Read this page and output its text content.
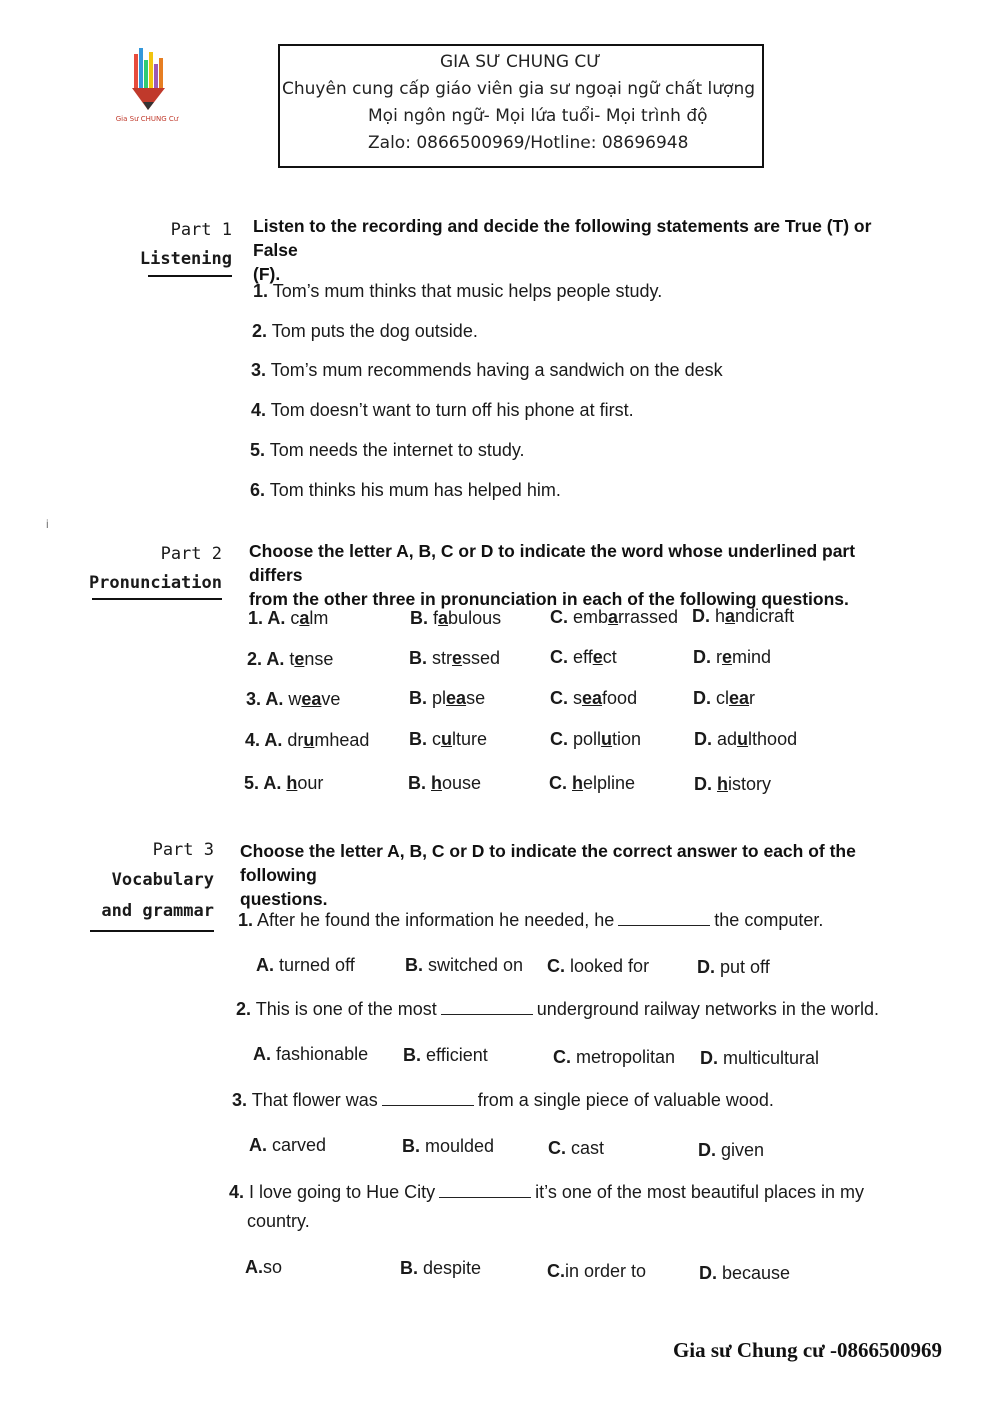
Gia Sư CHUNG Cư
GIA SƯ CHUNG CƯ
Chuyên cung cấp giáo viên gia sư ngoại ngữ chất lượng
Mọi ngôn ngữ- Mọi lứa tuổi- Mọi trình độ
Zalo: 0866500969/Hotline: 08696948
Part 1
Listening
Listen to the recording and decide the following statements are True (T) or False
(F).
1. Tom’s mum thinks that music helps people study.
2. Tom puts the dog outside.
3. Tom’s mum recommends having a sandwich on the desk
4. Tom doesn’t want to turn off his phone at first.
5. Tom needs the internet to study.
6. Tom thinks his mum has helped him.
i
Part 2
Pronunciation
Choose the letter A, B, C or D to indicate the word whose underlined part differs
from the other three in pronunciation in each of the following questions.
1. A. calm	B. fabulous	C. embarrassed D. handicraft
2. A. tense	B. stressed	C. effect	D. remind
3. A. weave	B. please	C. seafood	D. clear
4. A. drumhead B. culture	C. pollution	D. adulthood
5. A. hour	B. house	C. helpline	D. history
Part 3
Vocabulary
and grammar
Choose the letter A, B, C or D to indicate the correct answer to each of the following
questions.
1. After he found the information he needed, he	the computer.
A. turned off	B. switched on C. looked for	D. put off
2. This is one of the most	underground railway networks in the world.
A. fashionable B. efficient	C. metropolitan D. multicultural
3. That flower was	from a single piece of valuable wood.
A. carved	B. moulded	C. cast	D. given
4. I love going to Hue City	it’s one of the most beautiful places in my
country.
A.so	B. despite	C.in order to	D. because
Gia sư Chung cư -0866500969
